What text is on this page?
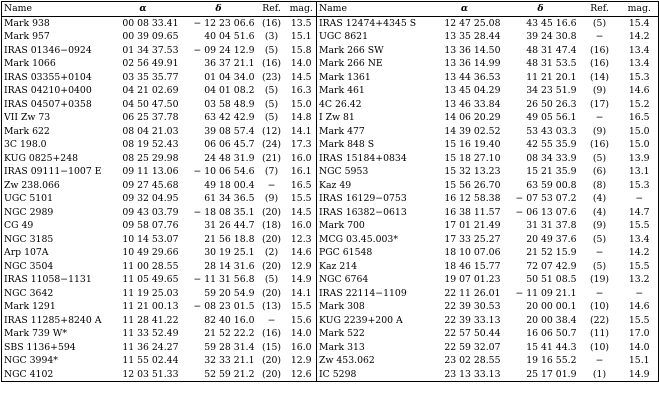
Name	α	δ	Ref.	mag.	Name	α	δ	Ref.	mag.
Mark 938	00 08 33.41	− 12 23 06.6	(16)	13.5	IRAS 12474+4345 S	12 47 25.08	43 45 16.6	(5)	15.4
Mark 957	00 39 09.65	40 04 51.6	(3)	15.1	UGC 8621	13 35 28.44	39 24 30.8	−	14.2
IRAS 01346−0924	01 34 37.53	− 09 24 12.9	(5)	15.8	Mark 266 SW	13 36 14.50	48 31 47.4	(16)	13.4
Mark 1066	02 56 49.91	36 37 21.1	(16)	14.0	Mark 266 NE	13 36 14.99	48 31 53.5	(16)	13.4
IRAS 03355+0104	03 35 35.77	01 04 34.0	(23)	14.5	Mark 1361	13 44 36.53	11 21 20.1	(14)	15.3
IRAS 04210+0400	04 21 02.69	04 01 08.2	(5)	16.3	Mark 461	13 45 04.29	34 23 51.9	(9)	14.6
IRAS 04507+0358	04 50 47.50	03 58 48.9	(5)	15.0	4C 26.42	13 46 33.84	26 50 26.3	(17)	15.2
VII Zw 73	06 25 37.78	63 42 42.9	(5)	14.8	I Zw 81	14 06 20.29	49 05 56.1	−	16.5
Mark 622	08 04 21.03	39 08 57.4	(12)	14.1	Mark 477	14 39 02.52	53 43 03.3	(9)	15.0
3C 198.0	08 19 52.43	06 06 45.7	(24)	17.3	Mark 848 S	15 16 19.40	42 55 35.9	(16)	15.0
KUG 0825+248	08 25 29.98	24 48 31.9	(21)	16.0	IRAS 15184+0834	15 18 27.10	08 34 33.9	(5)	13.9
IRAS 09111−1007 E	09 11 13.06	− 10 06 54.6	(7)	16.1	NGC 5953	15 32 13.23	15 21 35.9	(6)	13.1
Zw 238.066	09 27 45.68	49 18 00.4	−	16.5	Kaz 49	15 56 26.70	63 59 00.8	(8)	15.3
UGC 5101	09 32 04.95	61 34 36.5	(9)	15.5	IRAS 16129−0753	16 12 58.38	− 07 53 07.2	(4)	−
NGC 2989	09 43 03.79	− 18 08 35.1	(20)	14.5	IRAS 16382−0613	16 38 11.57	− 06 13 07.6	(4)	14.7
CG 49	09 58 07.76	31 26 44.7	(18)	16.0	Mark 700	17 01 21.49	31 31 37.8	(9)	15.5
NGC 3185	10 14 53.07	21 56 18.8	(20)	12.3	MCG 03.45.003*	17 33 25.27	20 49 37.6	(5)	13.4
Arp 107A	10 49 29.66	30 19 25.1	(2)	14.6	PGC 61548	18 10 07.06	21 52 15.9	−	14.2
NGC 3504	11 00 28.55	28 14 31.6	(20)	12.9	Kaz 214	18 46 15.77	72 07 42.9	(5)	15.5
IRAS 11058−1131	11 05 49.65	− 11 31 56.8	(5)	14.9	NGC 6764	19 07 01.23	50 51 08.5	(19)	13.2
NGC 3642	11 19 25.03	59 20 54.9	(20)	14.1	IRAS 22114−1109	22 11 26.01	− 11 09 21.1	−	−
Mark 1291	11 21 00.13	− 08 23 01.5	(13)	15.5	Mark 308	22 39 30.53	20 00 00.1	(10)	14.6
IRAS 11285+8240 A	11 28 41.22	82 40 16.0	−	15.6	KUG 2239+200 A	22 39 33.13	20 00 38.4	(22)	15.5
Mark 739 W*	11 33 52.49	21 52 22.2	(16)	14.0	Mark 522	22 57 50.44	16 06 50.7	(11)	17.0
SBS 1136+594	11 36 24.27	59 28 31.4	(15)	16.0	Mark 313	22 59 32.07	15 41 44.3	(10)	14.0
NGC 3994*	11 55 02.44	32 33 21.1	(20)	12.9	Zw 453.062	23 02 28.55	19 16 55.2	−	15.1
NGC 4102	12 03 51.33	52 59 21.2	(20)	12.6	IC 5298	23 13 33.13	25 17 01.9	(1)	14.9
